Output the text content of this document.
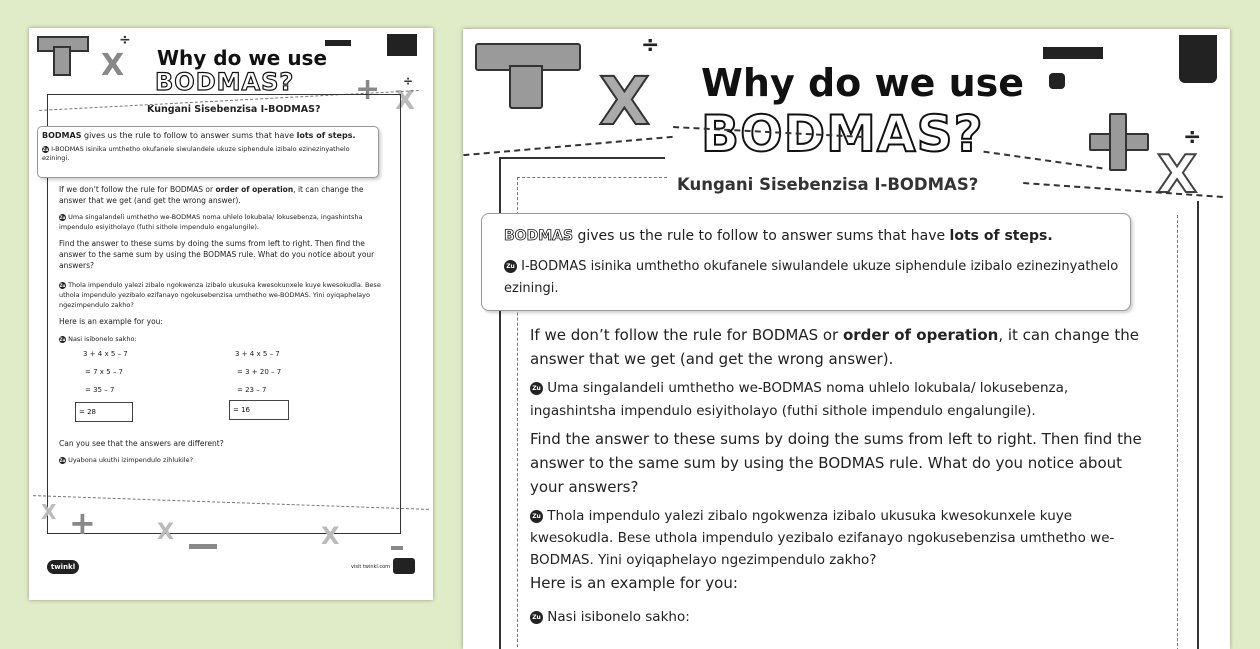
X
÷
+ X
÷
Why do we use
BODMAS?
Kungani Sisebenzisa I-BODMAS?
BODMAS gives us the rule to follow to answer sums that have lots of steps.
Zu I-BODMAS isinika umthetho okufanele siwulandele ukuze siphendule izibalo ezinezinyathelo eziningi.
If we don’t follow the rule for BODMAS or order of operation, it can change the answer that we get (and get the wrong answer).
Zu Uma singalandeli umthetho we-BODMAS noma uhlelo lokubala/ lokusebenza, ingashintsha impendulo esiyitholayo (futhi sithole impendulo engalungile).
Find the answer to these sums by doing the sums from left to right. Then find the answer to the same sum by using the BODMAS rule. What do you notice about your answers?
Zu Thola impendulo yalezi zibalo ngokwenza izibalo ukusuka kwesokunxele kuye kwesokudla. Bese uthola impendulo yezibalo ezifanayo ngokusebenzisa umthetho we-BODMAS. Yini oyiqaphelayo ngezimpendulo zakho?
Here is an example for you:
Zu Nasi isibonelo sakho:
3 + 4 x 5 – 7
= 7 x 5 – 7
= 35 – 7
= 28
3 + 4 x 5 – 7
= 3 + 20 – 7
= 23 – 7
= 16
Can you see that the answers are different?
Zu Uyabona ukuthi izimpendulo zihlukile?
X +	X	X
twinkl	visit twinkl.com
X
÷
÷
X
Why do we use
BODMAS?
Kungani Sisebenzisa I-BODMAS?
BODMAS gives us the rule to follow to answer sums that have lots of steps.
Zu I-BODMAS isinika umthetho okufanele siwulandele ukuze siphendule izibalo ezinezinyathelo eziningi.
If we don’t follow the rule for BODMAS or order of operation, it can change the answer that we get (and get the wrong answer).
Zu Uma singalandeli umthetho we-BODMAS noma uhlelo lokubala/ lokusebenza, ingashintsha impendulo esiyitholayo (futhi sithole impendulo engalungile).
Find the answer to these sums by doing the sums from left to right. Then find the answer to the same sum by using the BODMAS rule. What do you notice about your answers?
Zu Thola impendulo yalezi zibalo ngokwenza izibalo ukusuka kwesokunxele kuye kwesokudla. Bese uthola impendulo yezibalo ezifanayo ngokusebenzisa umthetho we-BODMAS. Yini oyiqaphelayo ngezimpendulo zakho?
Here is an example for you:
Zu Nasi isibonelo sakho:
